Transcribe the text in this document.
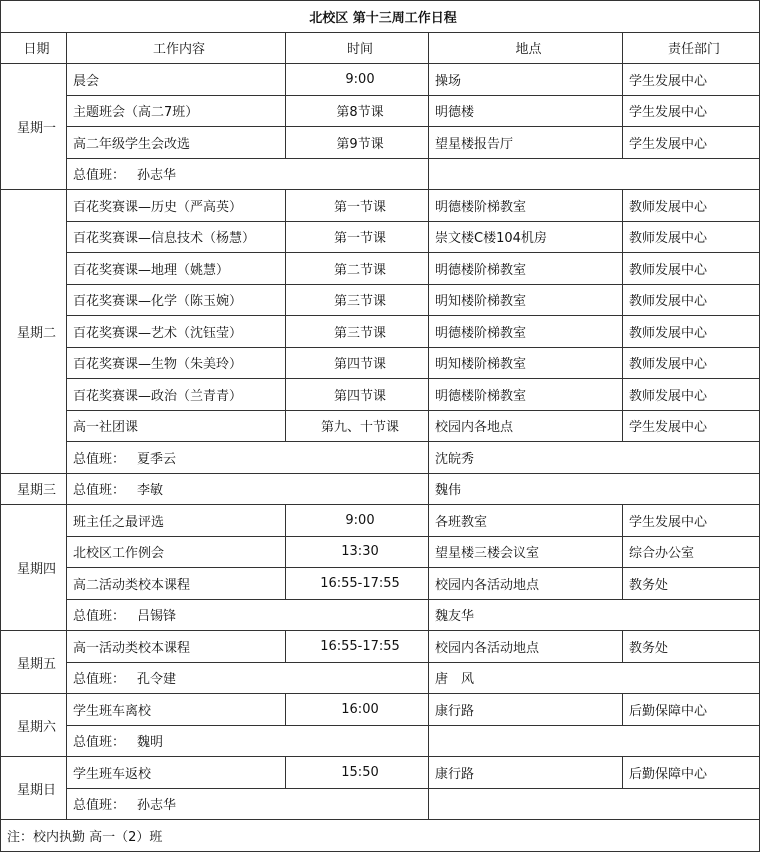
北校区 第十三周工作日程				
日期	工作内容	时间	地点	责任部门
星期一	晨会	9:00	操场	学生发展中心
	主题班会（高二7班）	第8节课	明德楼	学生发展中心
	高二年级学生会改选	第9节课	望星楼报告厅	学生发展中心
	总值班： 孙志华			
星期二	百花奖赛课—历史（严高英）	第一节课	明德楼阶梯教室	教师发展中心
	百花奖赛课—信息技术（杨慧）	第一节课	崇文楼C楼104机房	教师发展中心
	百花奖赛课—地理（姚慧）	第二节课	明德楼阶梯教室	教师发展中心
	百花奖赛课—化学（陈玉婉）	第三节课	明知楼阶梯教室	教师发展中心
	百花奖赛课—艺术（沈钰莹）	第三节课	明德楼阶梯教室	教师发展中心
	百花奖赛课—生物（朱美玲）	第四节课	明知楼阶梯教室	教师发展中心
	百花奖赛课—政治（兰青青）	第四节课	明德楼阶梯教室	教师发展中心
	高一社团课	第九、十节课	校园内各地点	学生发展中心
	总值班： 夏季云		沈皖秀	
星期三	总值班： 李敏		魏伟	
星期四	班主任之最评选	9:00	各班教室	学生发展中心
	北校区工作例会	13:30	望星楼三楼会议室	综合办公室
	高二活动类校本课程	16:55-17:55	校园内各活动地点	教务处
	总值班： 吕锡锋		魏友华	
星期五	高一活动类校本课程	16:55-17:55	校园内各活动地点	教务处
	总值班： 孔令建		唐　风	
星期六	学生班车离校	16:00	康行路	后勤保障中心
	总值班： 魏明			
星期日	学生班车返校	15:50	康行路	后勤保障中心
	总值班： 孙志华			
注：校内执勤 高一（2）班				
